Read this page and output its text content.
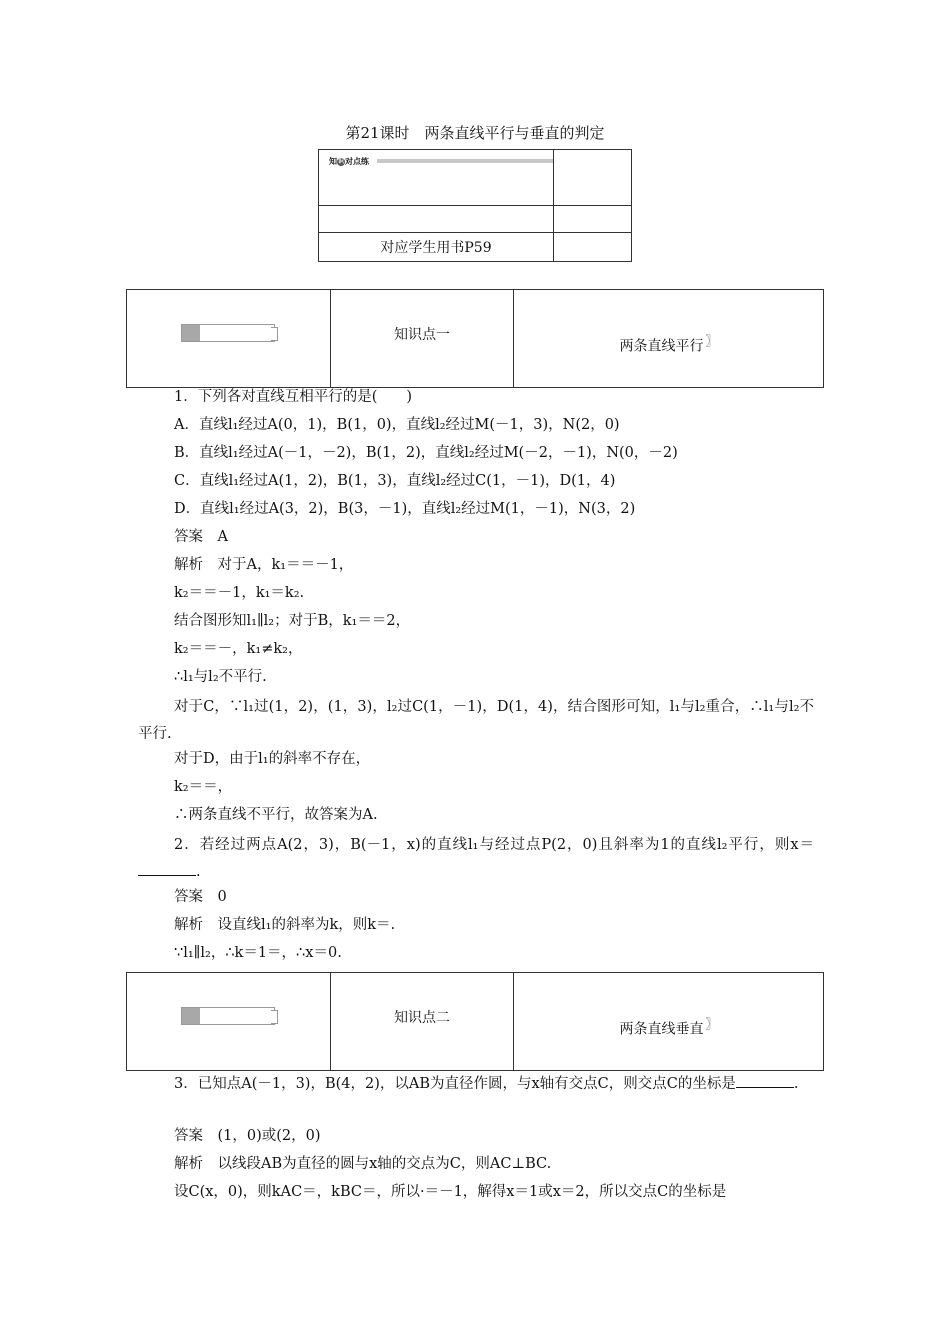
第21课时　两条直线平行与垂直的判定
知识对点练	

对应学生用书P59	
	知识点一	两条直线平行 〗
1．下列各对直线互相平行的是(　　)
A．直线l₁经过A(0，1)，B(1，0)，直线l₂经过M(－1，3)，N(2，0)
B．直线l₁经过A(－1，－2)，B(1，2)，直线l₂经过M(－2，－1)，N(0，－2)
C．直线l₁经过A(1，2)，B(1，3)，直线l₂经过C(1，－1)，D(1，4)
D．直线l₁经过A(3，2)，B(3，－1)，直线l₂经过M(1，－1)，N(3，2)
答案　A
解析　对于A，k₁＝＝－1，
k₂＝＝－1，k₁＝k₂.
结合图形知l₁∥l₂；对于B，k₁＝＝2，
k₂＝＝－，k₁≠k₂，
∴l₁与l₂不平行.
对于C，∵l₁过(1，2)，(1，3)，l₂过C(1，－1)，D(1，4)，结合图形可知，l₁与l₂重合，∴l₁与l₂不平行.
对于D，由于l₁的斜率不存在，
k₂＝＝，
∴两条直线不平行，故答案为A.
2．若经过两点A(2，3)，B(－1，x)的直线l₁与经过点P(2，0)且斜率为1的直线l₂平行，则x＝.
答案　0
解析　设直线l₁的斜率为k，则k＝.
∵l₁∥l₂，∴k＝1＝，∴x＝0.
	知识点二	两条直线垂直 〗
3．已知点A(－1，3)，B(4，2)，以AB为直径作圆，与x轴有交点C，则交点C的坐标是	.
答案　(1，0)或(2，0)
解析　以线段AB为直径的圆与x轴的交点为C，则AC⊥BC.
设C(x，0)，则kAC＝，kBC＝，所以·＝－1，解得x＝1或x＝2，所以交点C的坐标是
